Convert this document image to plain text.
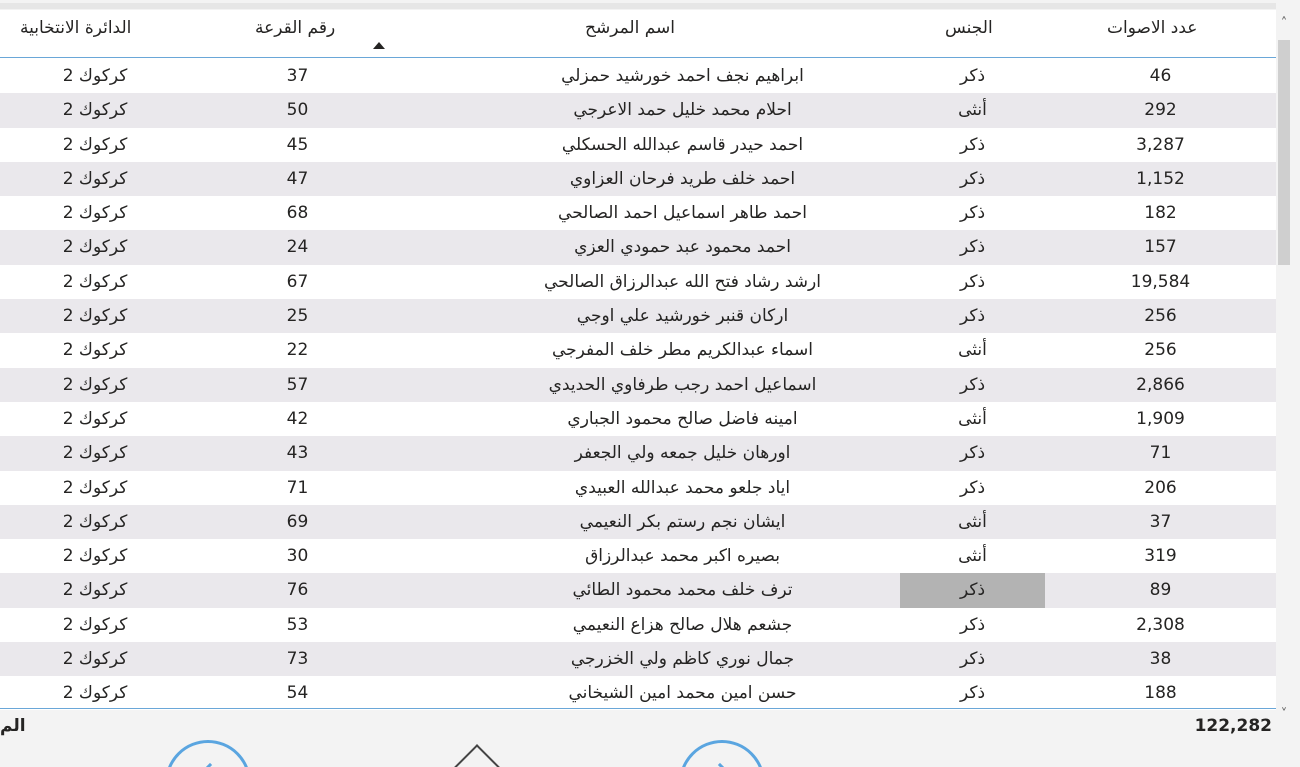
الدائرة الانتخابية	رقم القرعة	اسم المرشح	الجنس	عدد الاصوات
كركوك 2	37	ابراهيم نجف احمد خورشيد حمزلي	ذكر	46
كركوك 2	50	احلام محمد خليل حمد الاعرجي	أنثى	292
كركوك 2	45	احمد حيدر قاسم عبدالله الحسكلي	ذكر	3,287
كركوك 2	47	احمد خلف طريد فرحان العزاوي	ذكر	1,152
كركوك 2	68	احمد طاهر اسماعيل احمد الصالحي	ذكر	182
كركوك 2	24	احمد محمود عبد حمودي العزي	ذكر	157
كركوك 2	67	ارشد رشاد فتح الله عبدالرزاق الصالحي	ذكر	19,584
كركوك 2	25	اركان قنبر خورشيد علي اوجي	ذكر	256
كركوك 2	22	اسماء عبدالكريم مطر خلف المفرجي	أنثى	256
كركوك 2	57	اسماعيل احمد رجب طرفاوي الحديدي	ذكر	2,866
كركوك 2	42	امينه فاضل صالح محمود الجباري	أنثى	1,909
كركوك 2	43	اورهان خليل جمعه ولي الجعفر	ذكر	71
كركوك 2	71	اياد جلعو محمد عبدالله العبيدي	ذكر	206
كركوك 2	69	ايشان نجم رستم بكر النعيمي	أنثى	37
كركوك 2	30	بصيره اكبر محمد عبدالرزاق	أنثى	319
كركوك 2	76	ترف خلف محمد محمود الطائي	ذكر	89
كركوك 2	53	جشعم هلال صالح هزاع النعيمي	ذكر	2,308
كركوك 2	73	جمال نوري كاظم ولي الخزرجي	ذكر	38
كركوك 2	54	حسن امين محمد امين الشيخاني	ذكر	188
˄
˅
الم	122,282
